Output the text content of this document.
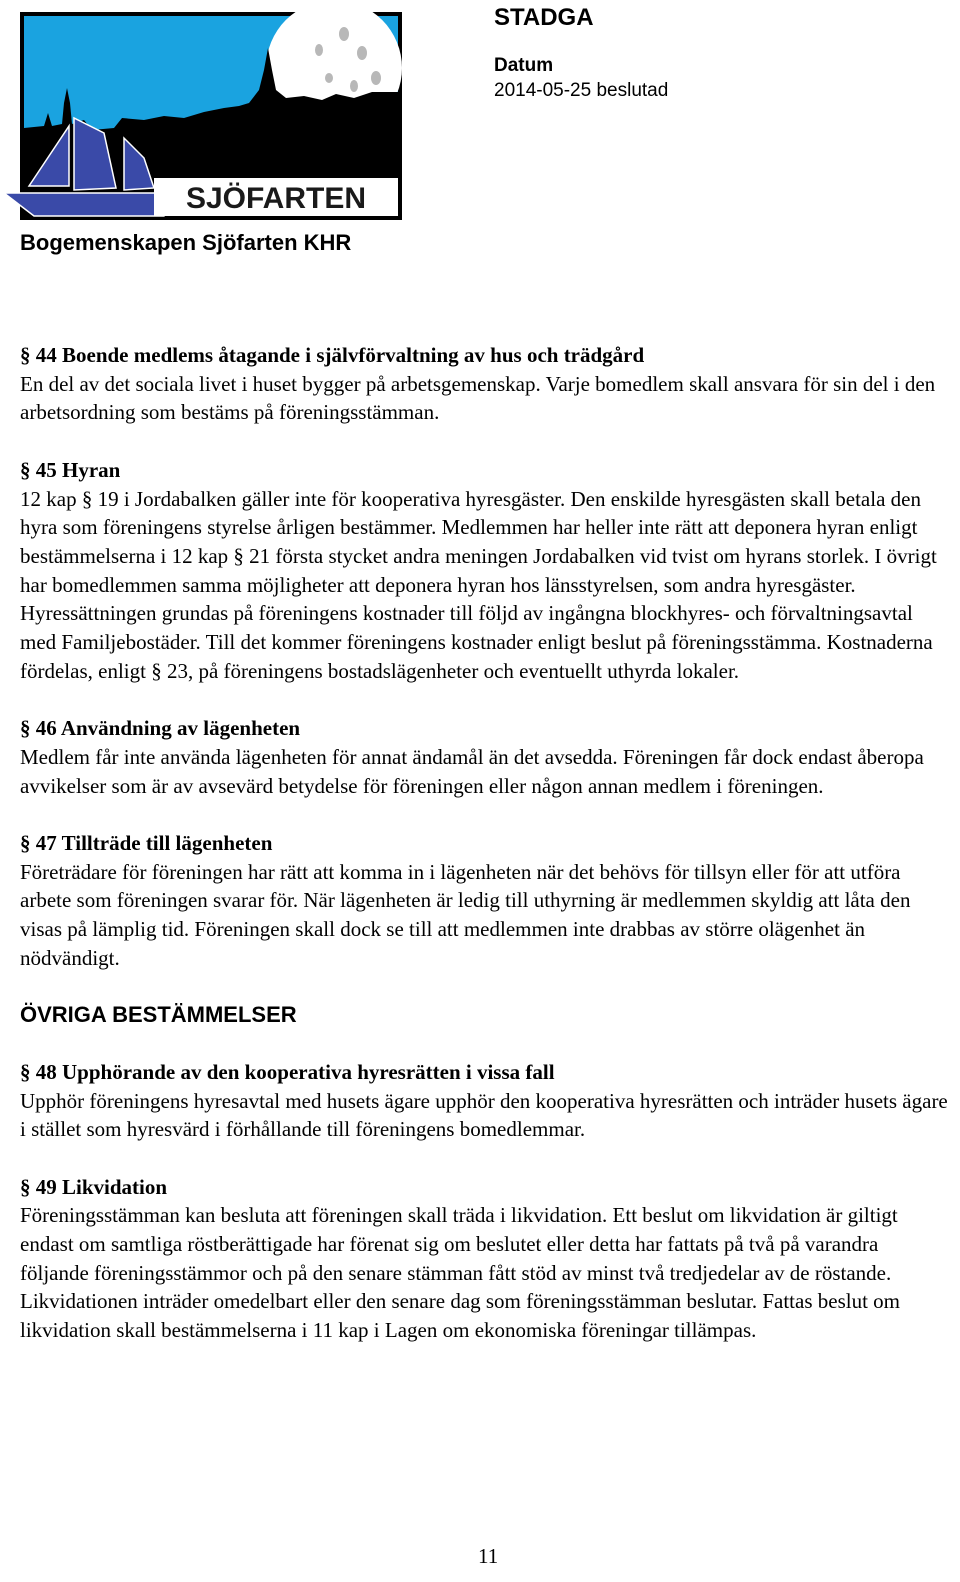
SJÖFARTEN
STADGA
Datum
2014-05-25 beslutad
Bogemenskapen Sjöfarten KHR
§ 44 Boende medlems åtagande i självförvaltning av hus och trädgård

En del av det sociala livet i huset bygger på arbetsgemenskap. Varje bomedlem skall ansvara för sin del i den arbetsordning som bestäms på föreningsstämman.

§ 45 Hyran

12 kap § 19 i Jordabalken gäller inte för kooperativa hyresgäster. Den enskilde hyresgästen skall betala den hyra som föreningens styrelse årligen bestämmer. Medlemmen har heller inte rätt att deponera hyran enligt bestämmelserna i 12 kap § 21 första stycket andra meningen Jordabalken vid tvist om hyrans storlek. I övrigt har bomedlemmen samma möjligheter att deponera hyran hos länsstyrelsen, som andra hyresgäster.

Hyressättningen grundas på föreningens kostnader till följd av ingångna blockhyres- och förvaltningsavtal med Familjebostäder. Till det kommer föreningens kostnader enligt beslut på föreningsstämma. Kostnaderna fördelas, enligt § 23, på föreningens bostadslägenheter och eventuellt uthyrda lokaler.

§ 46 Användning av lägenheten

Medlem får inte använda lägenheten för annat ändamål än det avsedda. Föreningen får dock endast åberopa avvikelser som är av avsevärd betydelse för föreningen eller någon annan medlem i föreningen.

§ 47 Tillträde till lägenheten

Företrädare för föreningen har rätt att komma in i lägenheten när det behövs för tillsyn eller för att utföra arbete som föreningen svarar för. När lägenheten är ledig till uthyrning är medlemmen skyldig att låta den visas på lämplig tid. Föreningen skall dock se till att medlemmen inte drabbas av större olägenhet än nödvändigt.

ÖVRIGA BESTÄMMELSER
§ 48 Upphörande av den kooperativa hyresrätten i vissa fall

Upphör föreningens hyresavtal med husets ägare upphör den kooperativa hyresrätten och inträder husets ägare i stället som hyresvärd i förhållande till föreningens bomedlemmar.

§ 49 Likvidation

Föreningsstämman kan besluta att föreningen skall träda i likvidation. Ett beslut om likvidation är giltigt endast om samtliga röstberättigade har förenat sig om beslutet eller detta har fattats på två på varandra följande föreningsstämmor och på den senare stämman fått stöd av minst två tredjedelar av de röstande. Likvidationen inträder omedelbart eller den senare dag som föreningsstämman beslutar. Fattas beslut om likvidation skall bestämmelserna i 11 kap i Lagen om ekonomiska föreningar tillämpas.

11
